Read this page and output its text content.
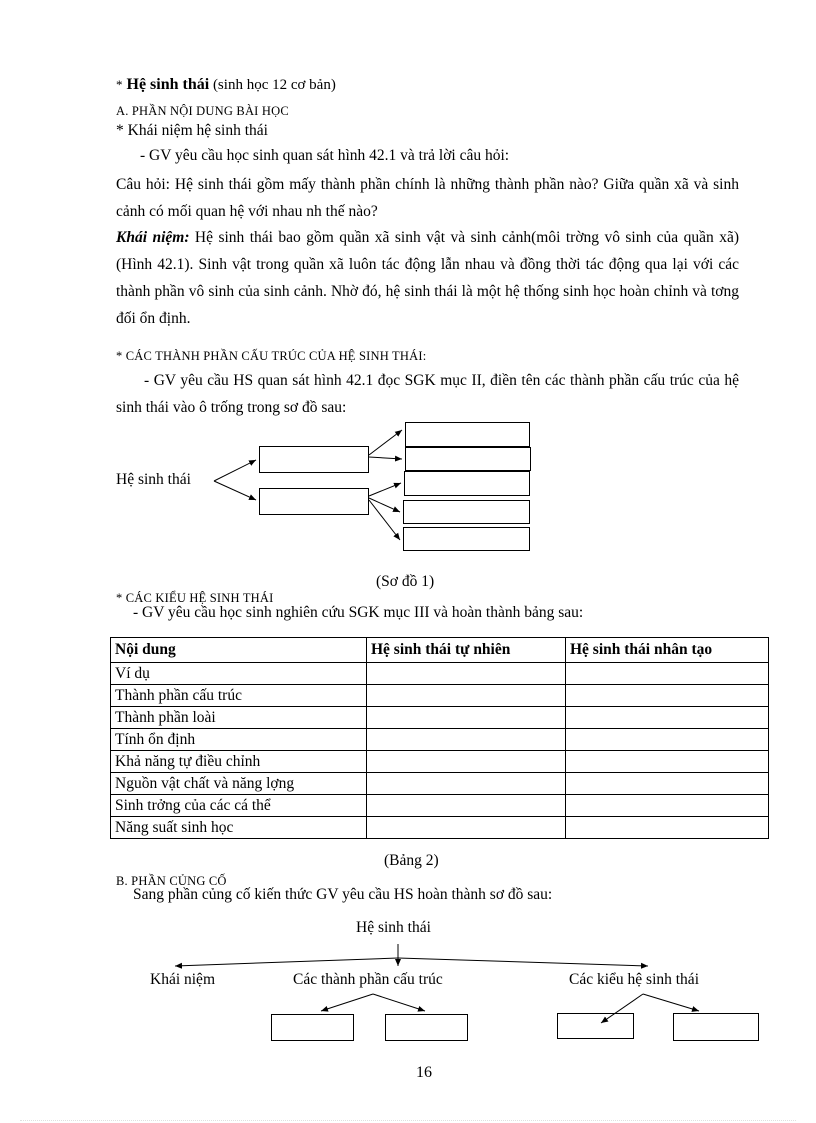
* Hệ sinh thái (sinh học 12 cơ bản)
A. PHẦN NỘI DUNG BÀI HỌC
* Khái niệm hệ sinh thái
- GV yêu cầu học sinh quan sát hình 42.1 và trả lời câu hỏi:
Câu hỏi: Hệ sinh thái gồm mấy thành phần chính là những thành phần nào? Giữa quần xã và sinh cảnh có mối quan hệ với nhau nh thế nào?
Khái niệm: Hệ sinh thái bao gồm quần xã sinh vật và sinh cảnh(môi trờng vô sinh của quần xã)(Hình 42.1). Sinh vật trong quần xã luôn tác động lẫn nhau và đồng thời tác động qua lại với các thành phần vô sinh của sinh cảnh. Nhờ đó, hệ sinh thái là một hệ thống sinh học hoàn chỉnh và tơng đối ổn định.
* CÁC THÀNH PHẦN CẤU TRÚC CỦA HỆ SINH THÁI:
- GV yêu cầu HS quan sát hình 42.1 đọc SGK mục II, điền tên các thành phần cấu trúc của hệ sinh thái vào ô trống trong sơ đồ sau:
Hệ sinh thái
(Sơ đồ 1)
* CÁC KIỂU HỆ SINH THÁI
- GV yêu cầu học sinh nghiên cứu SGK mục III và hoàn thành bảng sau:
Nội dung	Hệ sinh thái tự nhiên	Hệ sinh thái nhân tạo
Ví dụ		
Thành phần cấu trúc		
Thành phần loài		
Tính ổn định		
Khả năng tự điều chỉnh		
Nguồn vật chất và năng lợng		
Sinh trởng của các cá thể		
Năng suất sinh học		
(Bảng 2)
B. PHẦN CỦNG CỐ
Sang phần củng cố kiến thức GV yêu cầu HS hoàn thành sơ đồ sau:
Hệ sinh thái
Khái niệm	Các thành phần cấu trúc	Các kiểu hệ sinh thái
16
